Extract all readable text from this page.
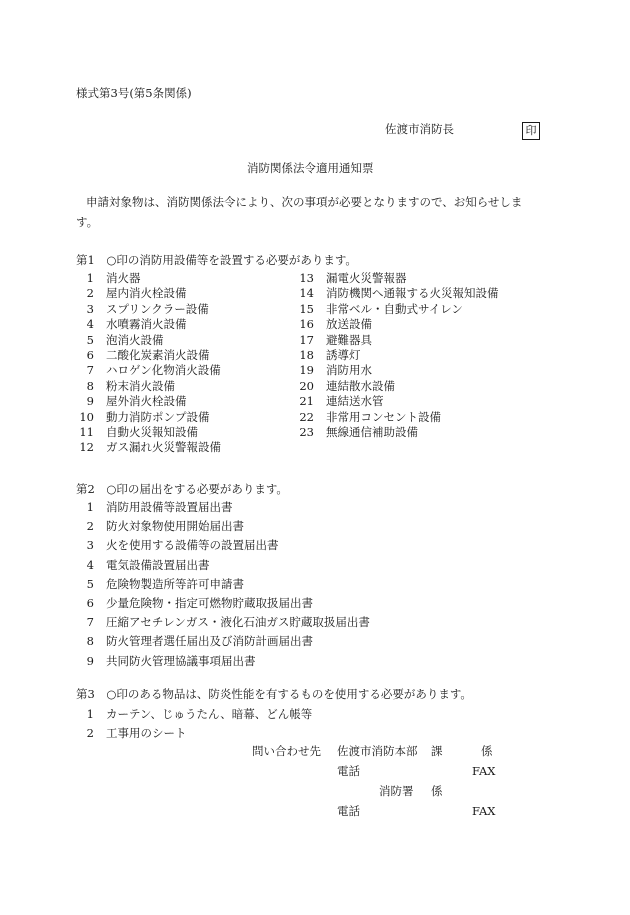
様式第3号(第5条関係)
佐渡市消防長	印
消防関係法令適用通知票
申請対象物は、消防関係法令により、次の事項が必要となりますので、お知らせしま
す。
第1　○印の消防用設備等を設置する必要があります。
1 消火器
2 屋内消火栓設備
3 スプリンクラー設備
4 水噴霧消火設備
5 泡消火設備
6 二酸化炭素消火設備
7 ハロゲン化物消火設備
8 粉末消火設備
9 屋外消火栓設備
10 動力消防ポンプ設備
11 自動火災報知設備
12 ガス漏れ火災警報設備
13 漏電火災警報器
14 消防機関へ通報する火災報知設備
15 非常ベル・自動式サイレン
16 放送設備
17 避難器具
18 誘導灯
19 消防用水
20 連結散水設備
21 連結送水管
22 非常用コンセント設備
23 無線通信補助設備
第2　○印の届出をする必要があります。
1 消防用設備等設置届出書
2 防火対象物使用開始届出書
3 火を使用する設備等の設置届出書
4 電気設備設置届出書
5 危険物製造所等許可申請書
6 少量危険物・指定可燃物貯蔵取扱届出書
7 圧縮アセチレンガス・液化石油ガス貯蔵取扱届出書
8 防火管理者選任届出及び消防計画届出書
9 共同防火管理協議事項届出書
第3　○印のある物品は、防炎性能を有するものを使用する必要があります。
1 カーテン、じゅうたん、暗幕、どん帳等
2 工事用のシート
問い合わせ先 佐渡市消防本部 課	係
電話	FAX
消防署 係
電話	FAX
